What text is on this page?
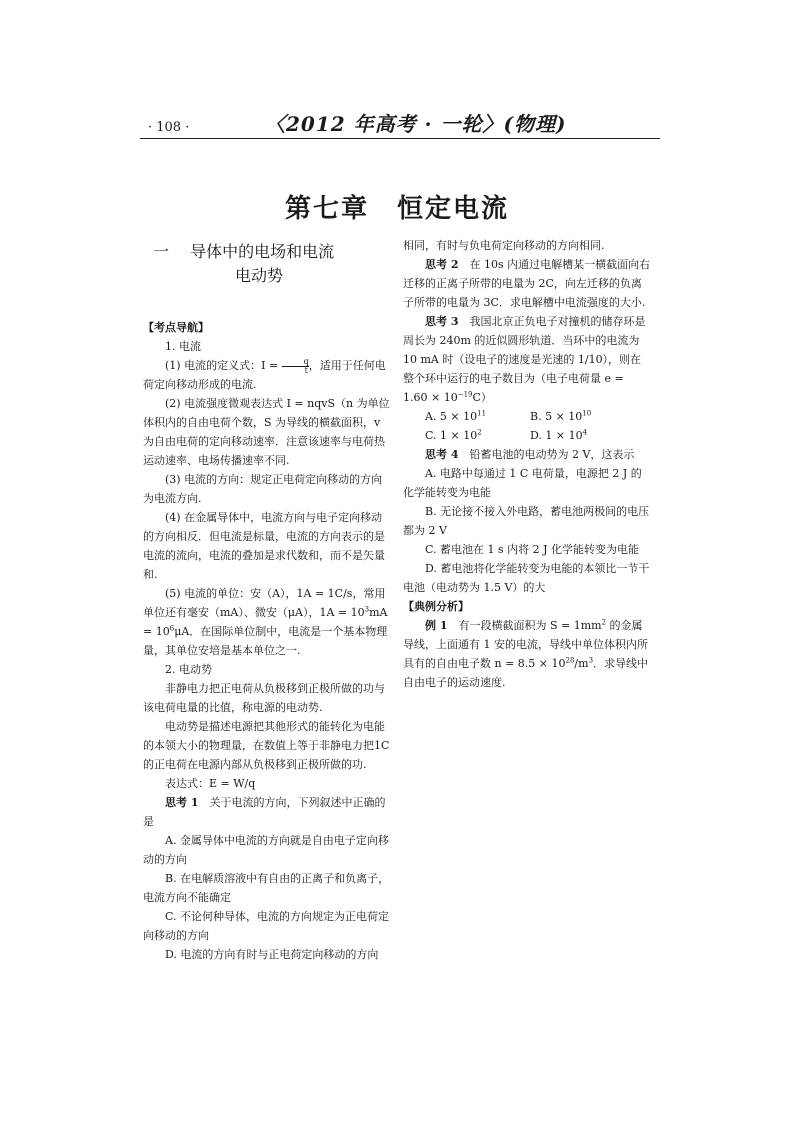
· 108 ·	〈2012 年高考 · 一轮〉(物理)
第七章　恒定电流
一　 导体中的电场和电流
电动势

【考点导航】

1. 电流

(1) 电流的定义式：$I = \frac{q}{t}$ ，适用于任何电荷定向移动形成的电流.

(2) 电流强度微观表达式 I = nqvS（n 为单位体积内的自由电荷个数，S 为导线的横截面积，v 为自由电荷的定向移动速率．注意该速率与电荷热运动速率、电场传播速率不同.

(3) 电流的方向：规定正电荷定向移动的方向为电流方向.

(4) 在金属导体中，电流方向与电子定向移动的方向相反．但电流是标量，电流的方向表示的是电流的流向，电流的叠加是求代数和，而不是矢量和.

(5) 电流的单位：安（A），1A = 1C/s，常用单位还有毫安（mA）、微安（μA），$1A = 10^3mA = 10^6\mu A$．在国际单位制中，电流是一个基本物理量，其单位安培是基本单位之一.

2. 电动势

非静电力把正电荷从负极移到正极所做的功与该电荷电量的比值，称电源的电动势.

电动势是描述电源把其他形式的能转化为电能的本领大小的物理量，在数值上等于非静电力把1C 的正电荷在电源内部从负极移到正极所做的功.

表达式：E = W/q

思考 1　关于电流的方向，下列叙述中正确的是

A. 金属导体中电流的方向就是自由电子定向移动的方向

B. 在电解质溶液中有自由的正离子和负离子，电流方向不能确定

C. 不论何种导体，电流的方向规定为正电荷定向移动的方向

D. 电流的方向有时与正电荷定向移动的方向

相同，有时与负电荷定向移动的方向相同.

思考 2　在 10s 内通过电解槽某一横截面向右迁移的正离子所带的电量为 2C，向左迁移的负离子所带的电量为 3C．求电解槽中电流强度的大小.

思考 3　我国北京正负电子对撞机的储存环是周长为 240m 的近似圆形轨道．当环中的电流为 10 mA 时（设电子的速度是光速的 1/10），则在整个环中运行的电子数目为（电子电荷量 $e = 1.60 \times 10^{-19}C$）

A. $5 \times 10^{11}$	B. $5 \times 10^{10}$
C. $1 \times 10^2$	D. $1 \times 10^4$

思考 4　铅蓄电池的电动势为 2 V，这表示

A. 电路中每通过 1 C 电荷量，电源把 2 J 的化学能转变为电能

B. 无论接不接入外电路，蓄电池两极间的电压都为 2 V

C. 蓄电池在 1 s 内将 2 J 化学能转变为电能

D. 蓄电池将化学能转变为电能的本领比一节干电池（电动势为 1.5 V）的大

【典例分析】

例 1　有一段横截面积为 $S = 1mm^2$ 的金属导线，上面通有 1 安的电流，导线中单位体积内所具有的自由电子数 $n = 8.5 \times 10^{28}/m^3$．求导线中自由电子的运动速度.
